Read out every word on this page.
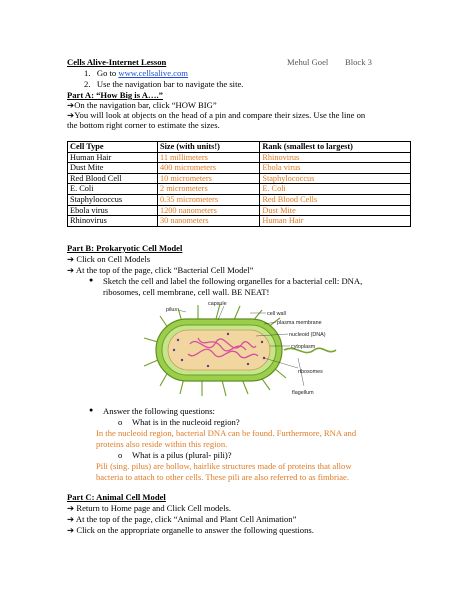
Cells Alive-Internet Lesson	Mehul Goel Block 3
1.   Go to www.cellsalive.com
2.   Use the navigation bar to navigate the site.
Part A: “How Big is A….”
➔On the navigation bar, click “HOW BIG”
➔You will look at objects on the head of a pin and compare their sizes. Use the line on
the bottom right corner to estimate the sizes.
Cell Type	Size (with units!)	Rank (smallest to largest)
Human Hair	11 millimeters	Rhinovirus
Dust Mite	400 micrometers	Ebola virus
Red Blood Cell	10 micrometers	Staphylococcus
E. Coli	2 micrometers	E. Coli
Staphylococcus	0.35 micrometers	Red Blood Cells
Ebola virus	1200 nanometers	Dust Mite
Rhinovirus	30 nanometers	Human Hair
Part B: Prokaryotic Cell Model
➔ Click on Cell Models
➔ At the top of the page, click “Bacterial Cell Model”
● Sketch the cell and label the following organelles for a bacterial cell: DNA,
ribosomes, cell membrane, cell wall. BE NEAT!
pilus
capsule
cell wall
plasma membrane
nucleoid (DNA)
cytoplasm
ribosomes
flagellum
● Answer the following questions:
o What is in the nucleoid region?
In the nucleoid region, bacterial DNA can be found. Furthermore, RNA and
proteins also reside within this region.
o What is a pilus (plural- pili)?
Pili (sing. pilus) are hollow, hairlike structures made of proteins that allow
bacteria to attach to other cells. These pili are also referred to as fimbriae.
Part C: Animal Cell Model
➔ Return to Home page and Click Cell models.
➔ At the top of the page, click “Animal and Plant Cell Animation”
➔ Click on the appropriate organelle to answer the following questions.
